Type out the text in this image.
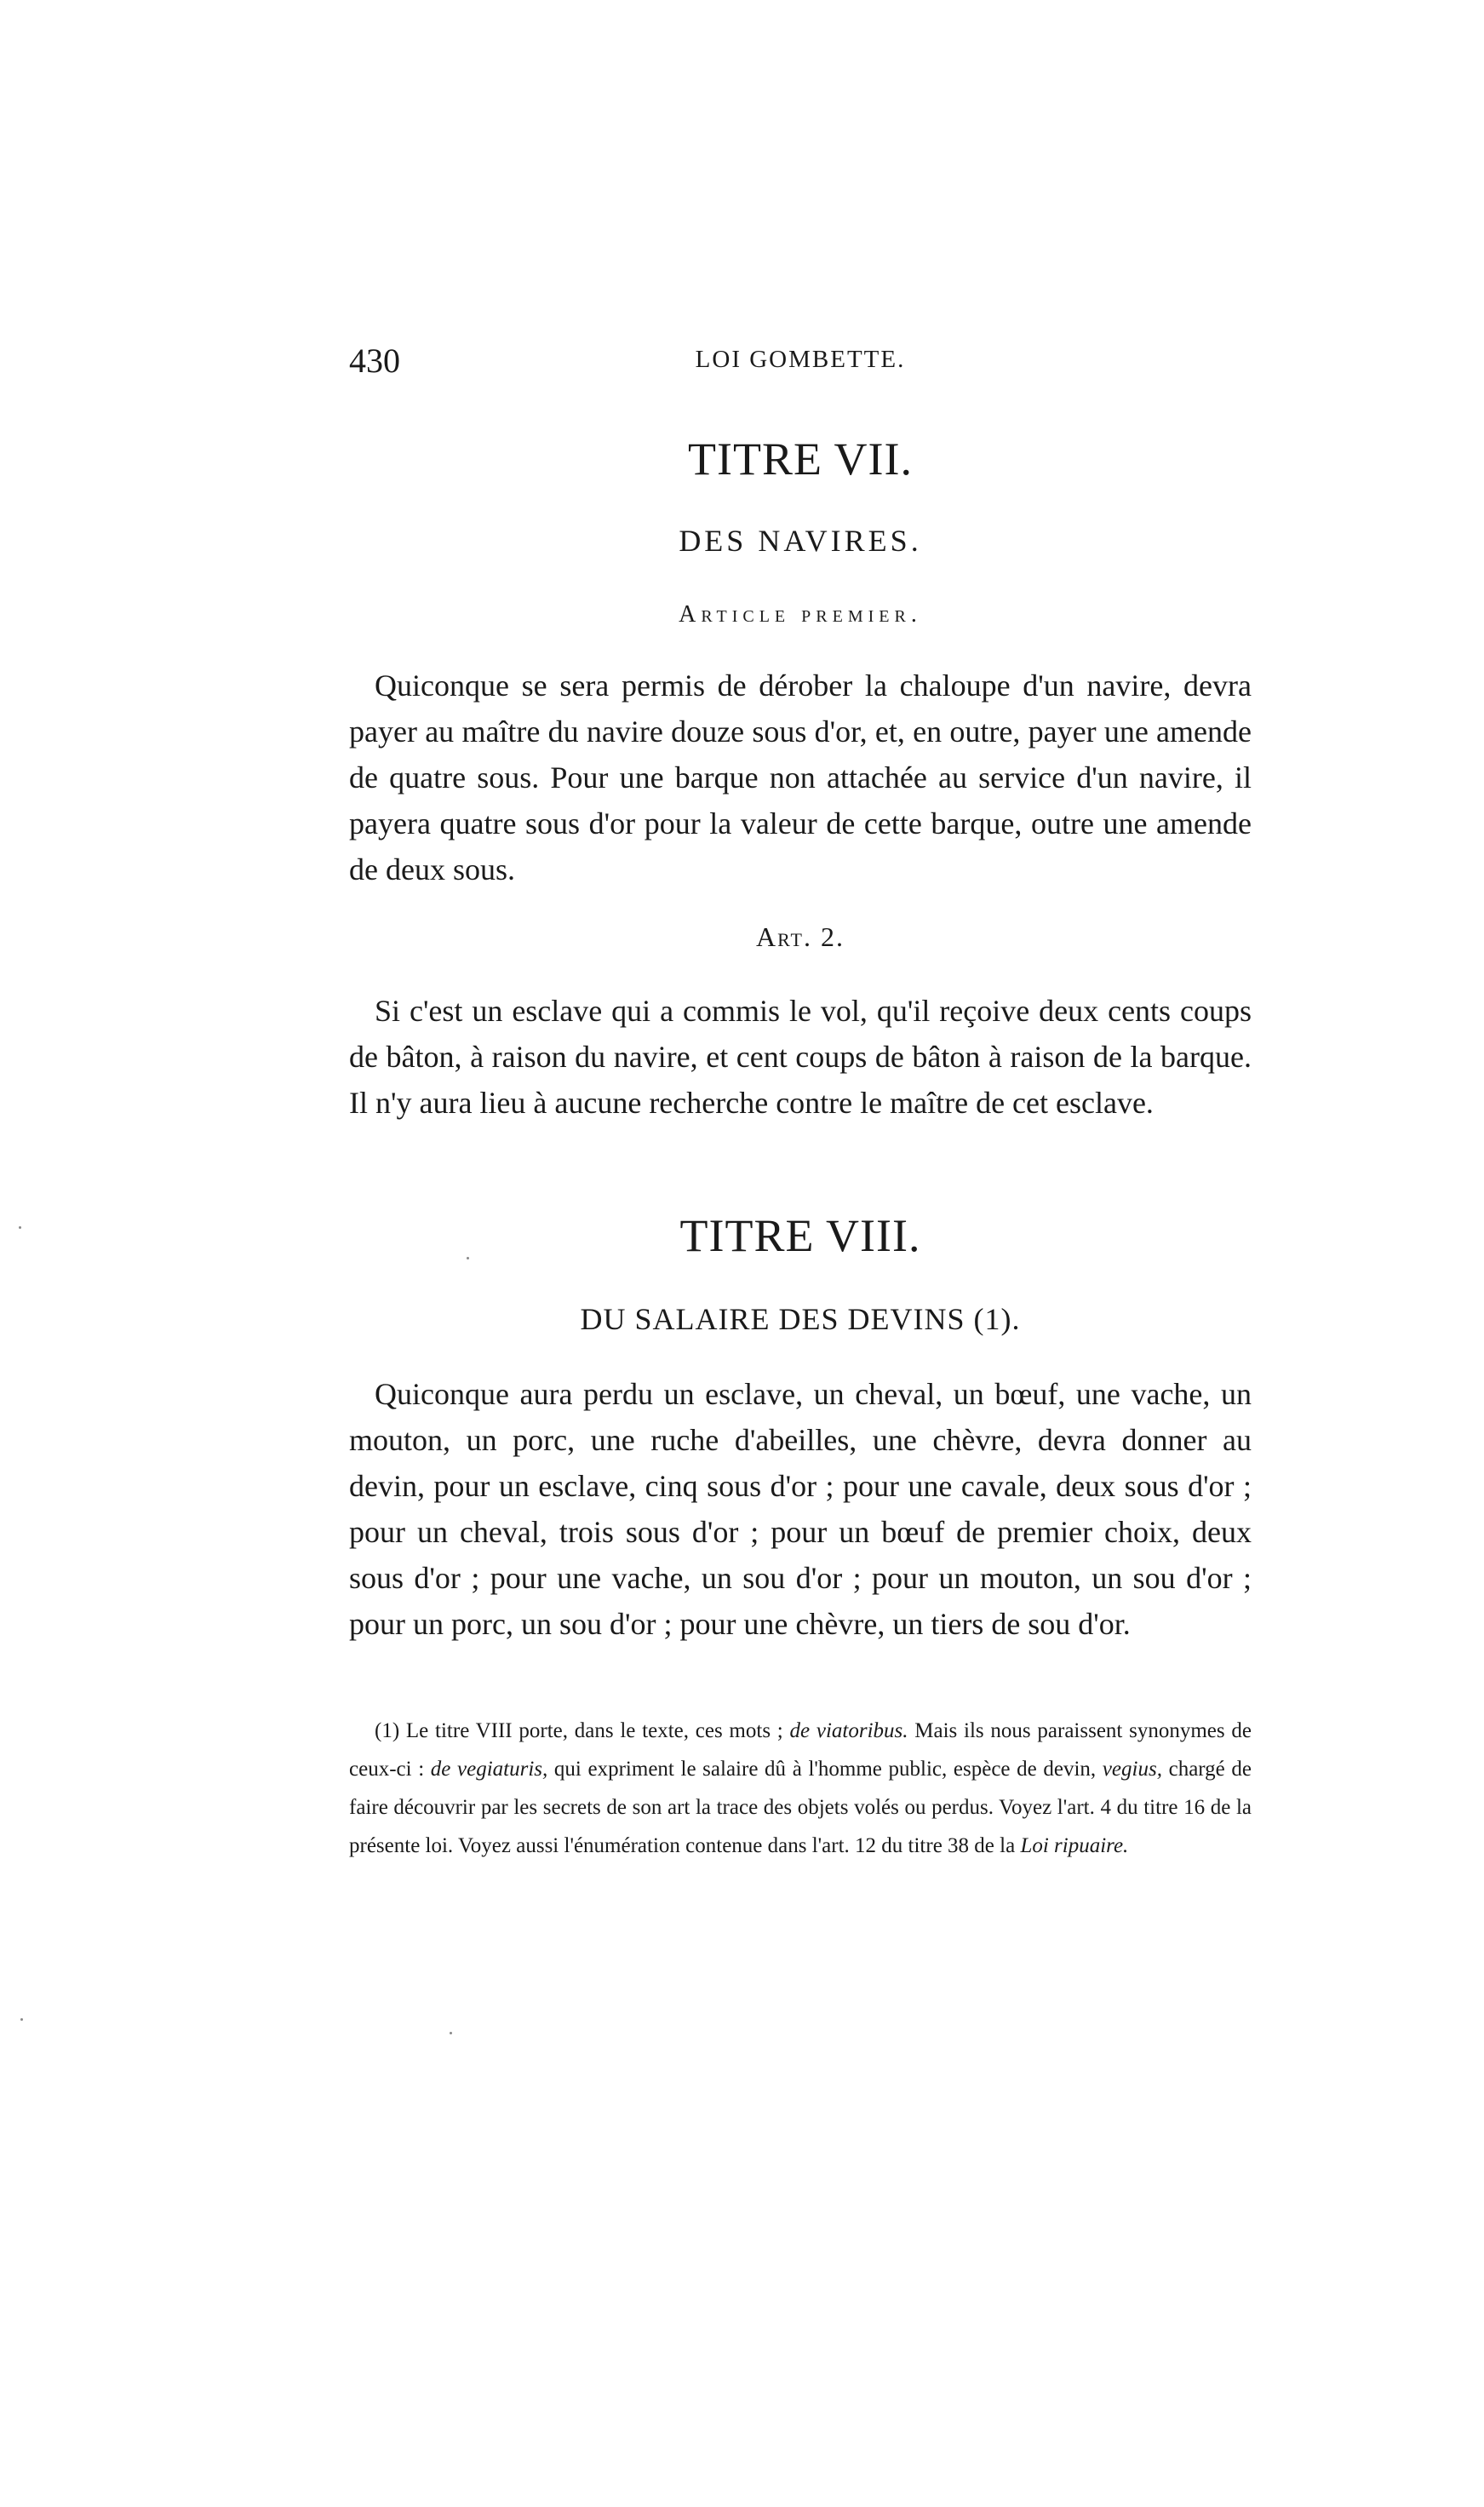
430	LOI GOMBETTE.
TITRE VII.
DES NAVIRES.
Article premier.

Quiconque se sera permis de dérober la chaloupe d'un navire, devra payer au maître du navire douze sous d'or, et, en outre, payer une amende de quatre sous. Pour une barque non attachée au service d'un navire, il payera quatre sous d'or pour la valeur de cette barque, outre une amende de deux sous.

Art. 2.

Si c'est un esclave qui a commis le vol, qu'il reçoive deux cents coups de bâton, à raison du navire, et cent coups de bâton à raison de la barque. Il n'y aura lieu à aucune recherche contre le maître de cet esclave.

TITRE VIII.
DU SALAIRE DES DEVINS (1).

Quiconque aura perdu un esclave, un cheval, un bœuf, une vache, un mouton, un porc, une ruche d'abeilles, une chèvre, devra donner au devin, pour un esclave, cinq sous d'or ; pour une cavale, deux sous d'or ; pour un cheval, trois sous d'or ; pour un bœuf de premier choix, deux sous d'or ; pour une vache, un sou d'or ; pour un mouton, un sou d'or ; pour un porc, un sou d'or ; pour une chèvre, un tiers de sou d'or.

(1) Le titre VIII porte, dans le texte, ces mots ; de viatoribus. Mais ils nous paraissent synonymes de ceux-ci : de vegiaturis, qui expriment le salaire dû à l'homme public, espèce de devin, vegius, chargé de faire découvrir par les secrets de son art la trace des objets volés ou perdus. Voyez l'art. 4 du titre 16 de la présente loi. Voyez aussi l'énumération contenue dans l'art. 12 du titre 38 de la Loi ripuaire.
